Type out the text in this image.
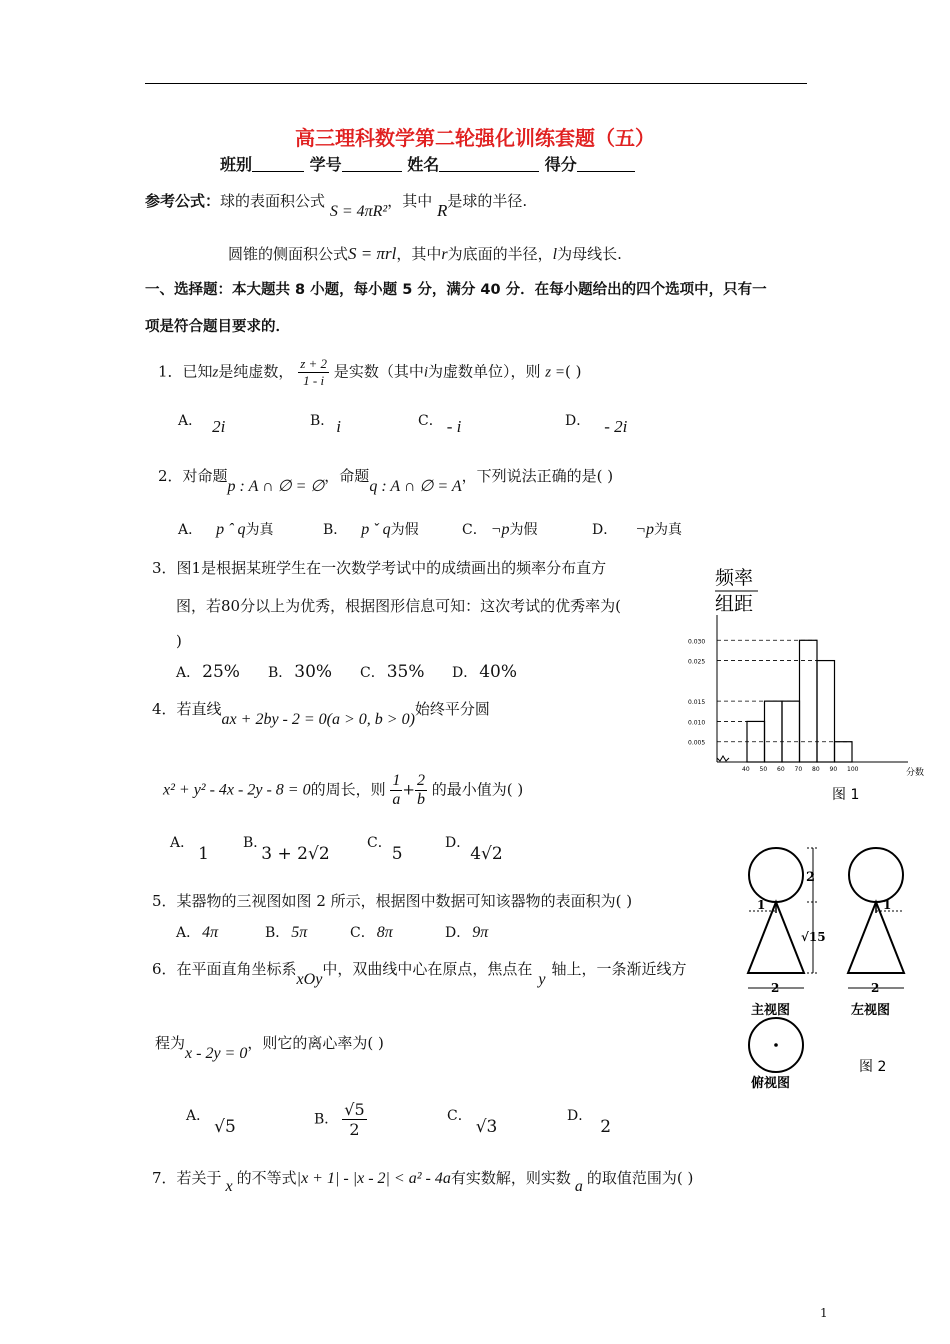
高三理科数学第二轮强化训练套题（五）
班别	学号	姓名	得分
参考公式：球的表面积公式 S = 4πR²，其中 R是球的半径.
圆锥的侧面积公式S = πrl，其中r为底面的半径，l为母线长.
一、选择题：本大题共 8 小题，每小题 5 分，满分 40 分．在每小题给出的四个选项中，只有一
项是符合题目要求的．
1．已知z是纯虚数， $\frac{z + 2}{1 - i}$ 是实数（其中i为虚数单位），则 z =( )
A． 2i	B． i	C． - i	D． - 2i
2．对命题p : A ∩ ∅ = ∅，命题q : A ∩ ∅ = A，下列说法正确的是( )
A． p ˆ q为真	B． p ˇ q为假	C． ¬p为假	D． ¬p为真
3．图1是根据某班学生在一次数学考试中的成绩画出的频率分布直方
图，若80分以上为优秀，根据图形信息可知：这次考试的优秀率为(
)
A． 25% B． 30% C． 35% D． 40%
4．若直线ax + 2by - 2 = 0(a > 0, b > 0)始终平分圆
x² + y² - 4x - 2y - 8 = 0的周长，则 $\frac{1}{a} + \frac{2}{b}$ 的最小值为( )
A．1
B．3 + 2√2
C．5
D．4√2
5．某器物的三视图如图 2 所示，根据图中数据可知该器物的表面积为( )
A． 4π	B． 5π	C． 8π	D． 9π
6．在平面直角坐标系xOy中，双曲线中心在原点，焦点在y轴上，一条渐近线方
程为x - 2y = 0，则它的离心率为( )
A．√5	B． $\frac{√5}{2}$	C．√3
D．2
7．若关于 x 的不等式|x + 1| - |x - 2| < a² - 4a有实数解，则实数 a 的取值范围为( )
频率
组距
0.005
0.010
0.015
0.025
0.030
40 50 60 70 80 90 100	分数
图 1
1
2
√15
2
主视图
1
2
左视图
俯视图
图 2
1
